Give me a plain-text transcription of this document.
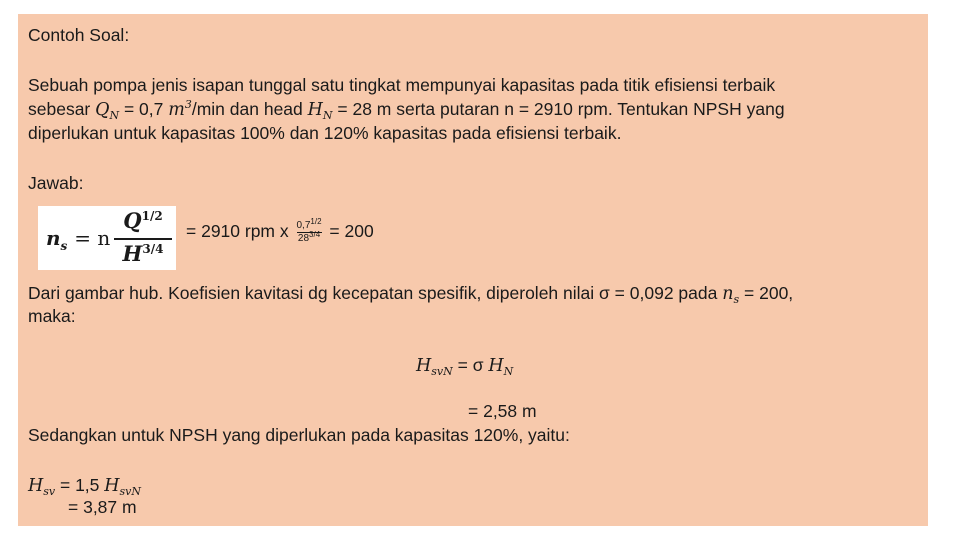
Contoh Soal:
Sebuah pompa jenis isapan tunggal satu tingkat mempunyai kapasitas pada titik efisiensi terbaik
sebesar $Q_N = 0,7$ $m^3/\min$ dan head $H_N = 28$ m serta putaran n = 2910 rpm. Tentukan NPSH yang
diperlukan untuk kapasitas 100% dan 120% kapasitas pada efisiensi terbaik.
Jawab:
$n_s = n$
$Q^{1/2}$
$H^{3/4}$
= 2910 rpm x $\frac{0,7^{1/2}}{28^{3/4}} = 200$
Dari gambar hub. Koefisien kavitasi dg kecepatan spesifik, diperoleh nilai σ = 0,092 pada $n_s = 200$,
maka:
$H_{svN} = \sigma$ $H_N$
= 2,58 m
Sedangkan untuk NPSH yang diperlukan pada kapasitas 120%, yaitu:
$H_{sv} = 1,5$ $H_{svN}$
= 3,87 m
